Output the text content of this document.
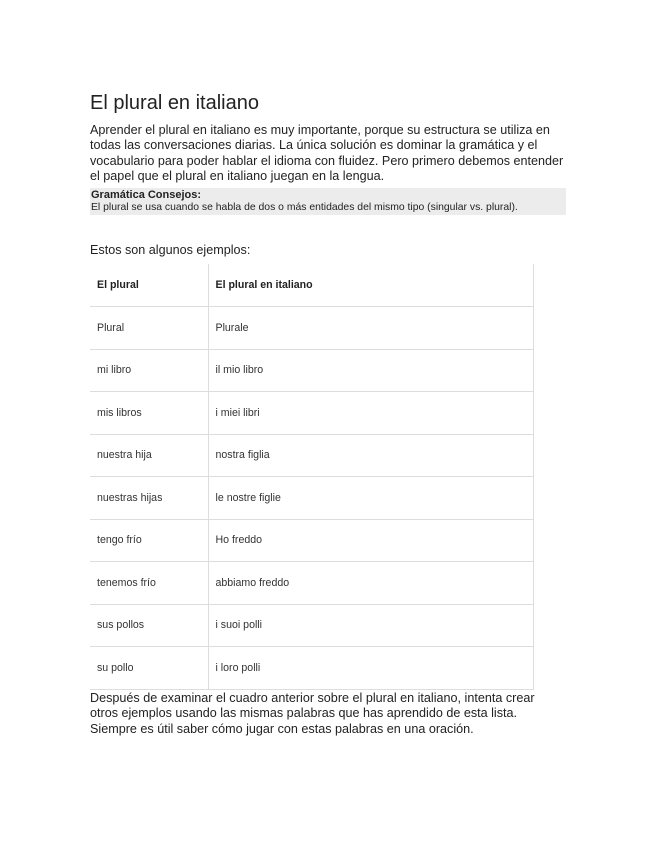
El plural en italiano

Aprender el plural en italiano es muy importante, porque su estructura se utiliza en todas las conversaciones diarias. La única solución es dominar la gramática y el vocabulario para poder hablar el idioma con fluidez. Pero primero debemos entender el papel que el plural en italiano juegan en la lengua.

Gramática Consejos:

El plural se usa cuando se habla de dos o más entidades del mismo tipo (singular vs. plural).

Estos son algunos ejemplos:

El plural	El plural en italiano
Plural	Plurale
mi libro	il mio libro
mis libros	i miei libri
nuestra hija	nostra figlia
nuestras hijas	le nostre figlie
tengo frío	Ho freddo
tenemos frío	abbiamo freddo
sus pollos	i suoi polli
su pollo	i loro polli

Después de examinar el cuadro anterior sobre el plural en italiano, intenta crear otros ejemplos usando las mismas palabras que has aprendido de esta lista. Siempre es útil saber cómo jugar con estas palabras en una oración.
